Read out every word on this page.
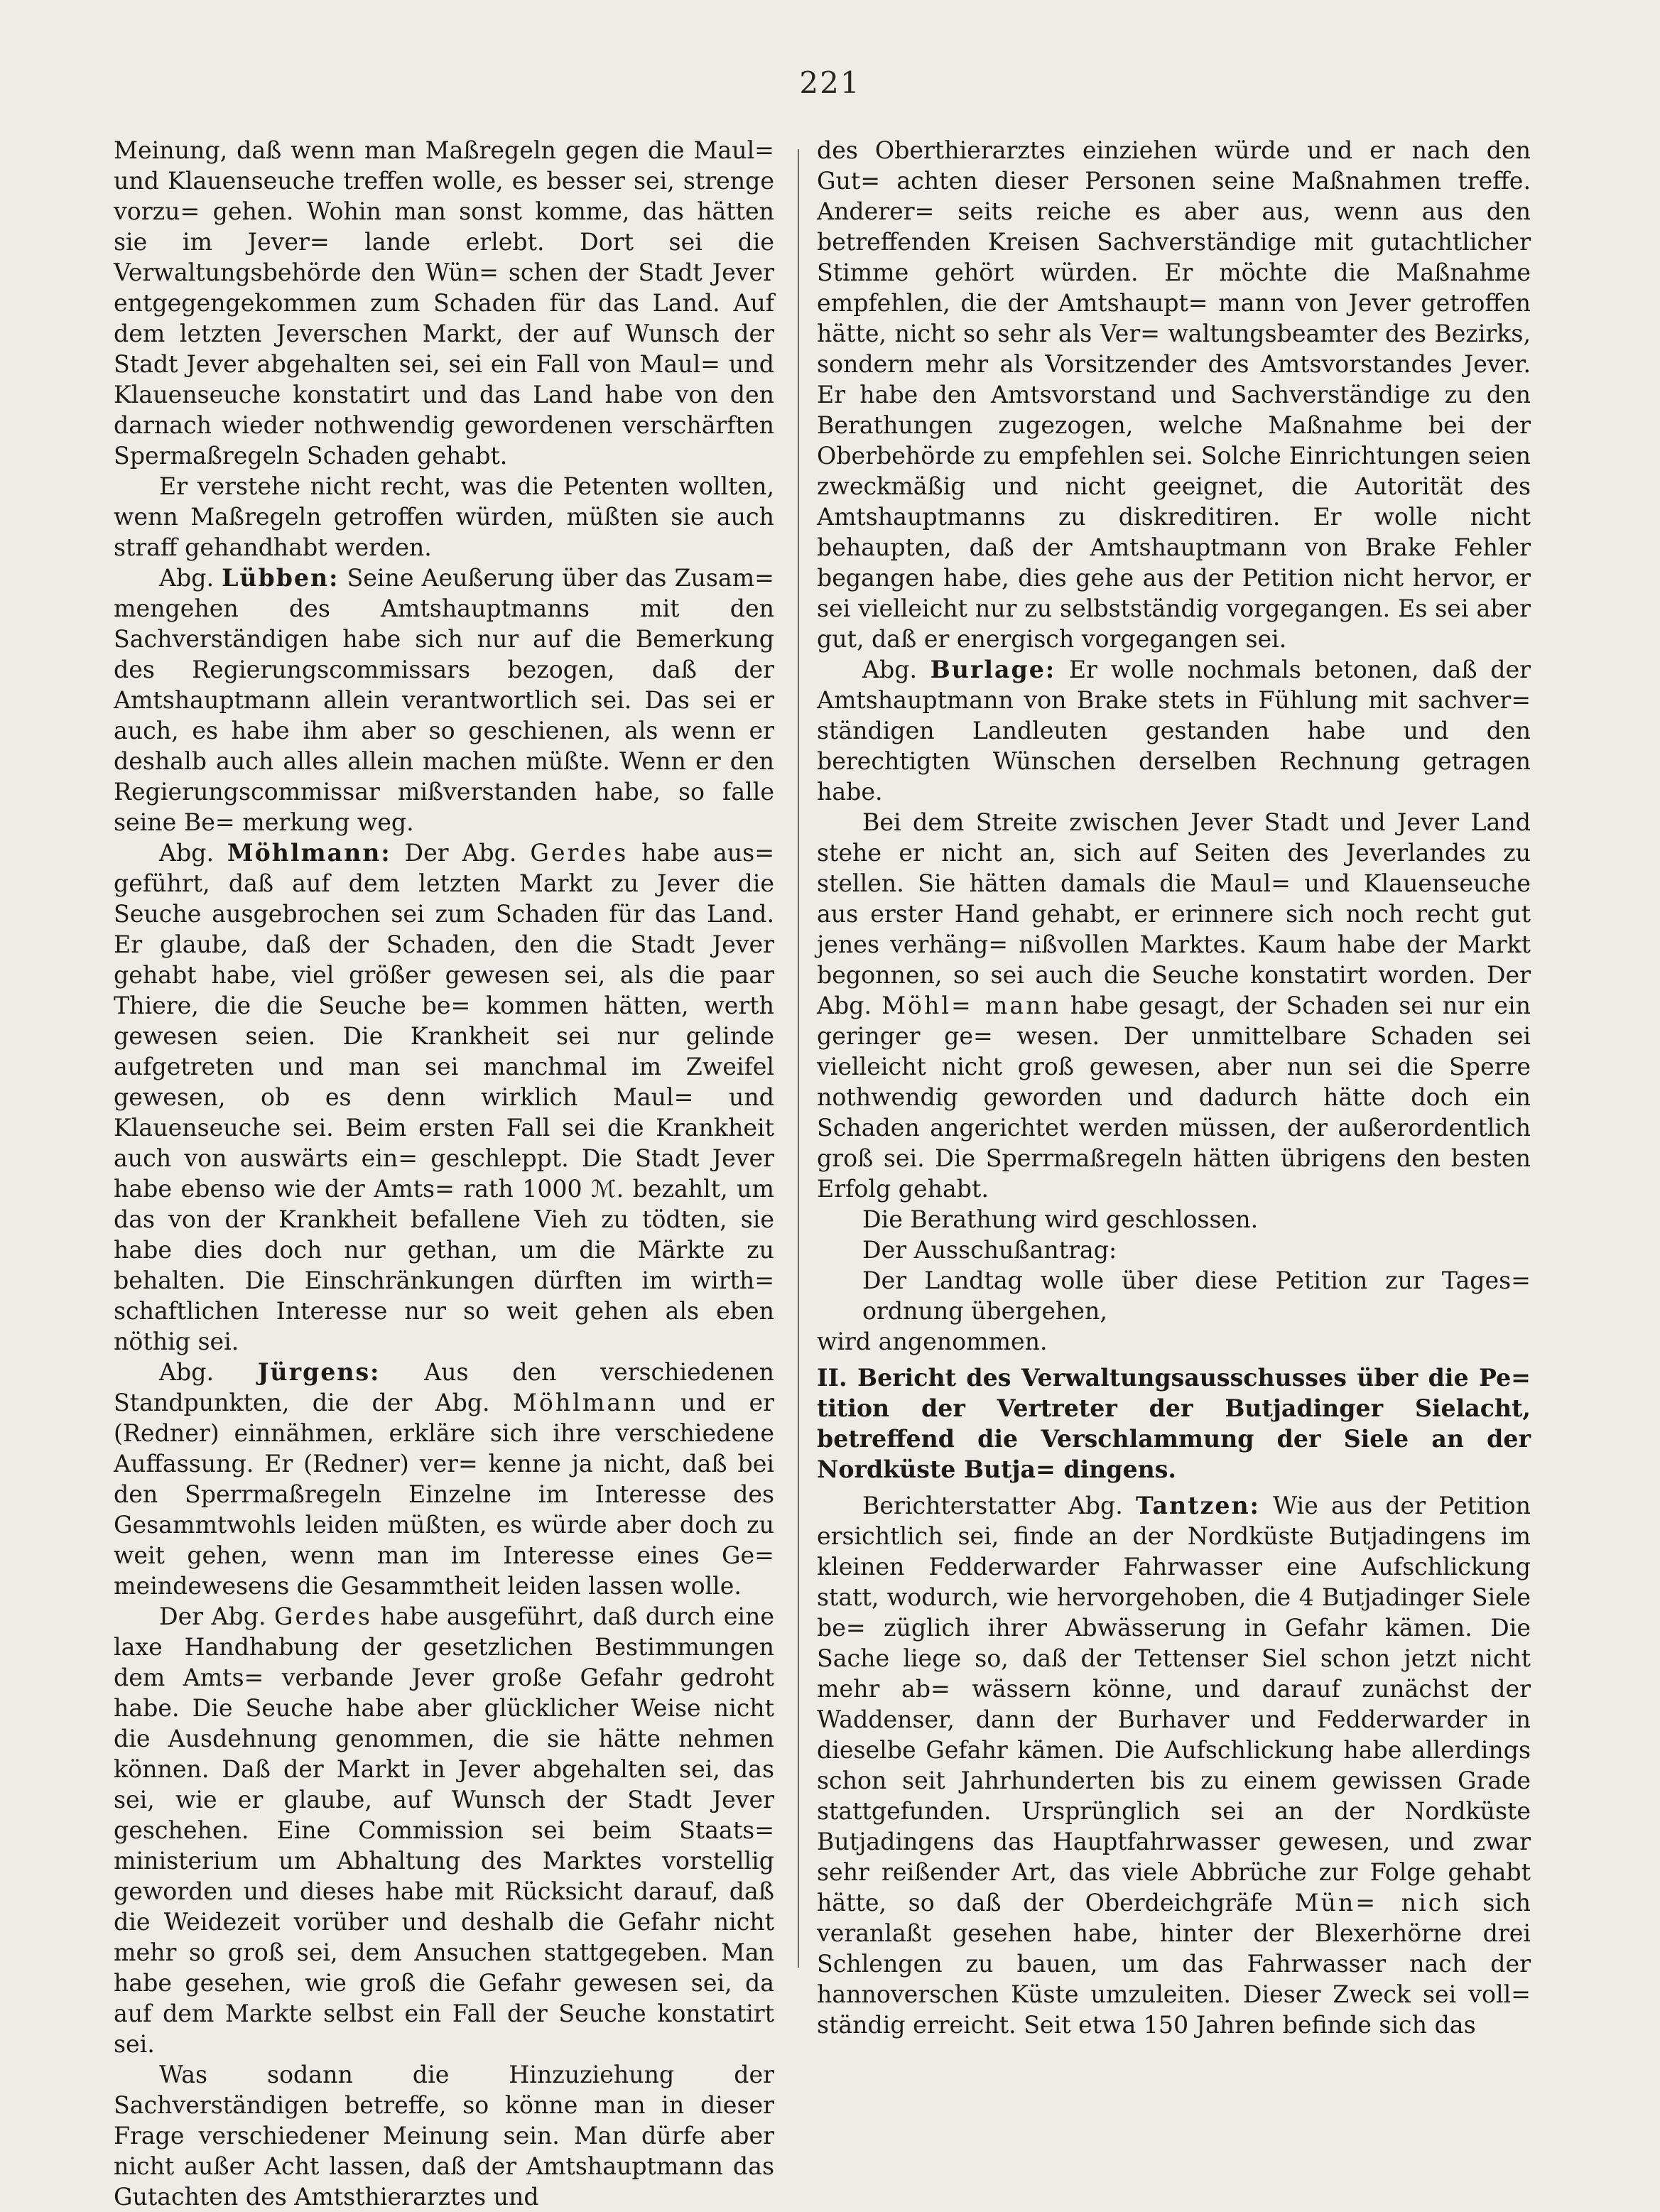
221

Meinung, daß wenn man Maßregeln gegen die Maul= und Klauenseuche treffen wolle, es besser sei, strenge vorzu= gehen. Wohin man sonst komme, das hätten sie im Jever= lande erlebt. Dort sei die Verwaltungsbehörde den Wün= schen der Stadt Jever entgegengekommen zum Schaden für das Land. Auf dem letzten Jeverschen Markt, der auf Wunsch der Stadt Jever abgehalten sei, sei ein Fall von Maul= und Klauenseuche konstatirt und das Land habe von den darnach wieder nothwendig gewordenen verschärften Spermaßregeln Schaden gehabt.

Er verstehe nicht recht, was die Petenten wollten, wenn Maßregeln getroffen würden, müßten sie auch straff gehandhabt werden.

Abg. Lübben: Seine Aeußerung über das Zusam= mengehen des Amtshauptmanns mit den Sachverständigen habe sich nur auf die Bemerkung des Regierungscommissars bezogen, daß der Amtshauptmann allein verantwortlich sei. Das sei er auch, es habe ihm aber so geschienen, als wenn er deshalb auch alles allein machen müßte. Wenn er den Regierungscommissar mißverstanden habe, so falle seine Be= merkung weg.

Abg. Möhlmann: Der Abg. Gerdes habe aus= geführt, daß auf dem letzten Markt zu Jever die Seuche ausgebrochen sei zum Schaden für das Land. Er glaube, daß der Schaden, den die Stadt Jever gehabt habe, viel größer gewesen sei, als die paar Thiere, die die Seuche be= kommen hätten, werth gewesen seien. Die Krankheit sei nur gelinde aufgetreten und man sei manchmal im Zweifel gewesen, ob es denn wirklich Maul= und Klauenseuche sei. Beim ersten Fall sei die Krankheit auch von auswärts ein= geschleppt. Die Stadt Jever habe ebenso wie der Amts= rath 1000 ℳ. bezahlt, um das von der Krankheit befallene Vieh zu tödten, sie habe dies doch nur gethan, um die Märkte zu behalten. Die Einschränkungen dürften im wirth= schaftlichen Interesse nur so weit gehen als eben nöthig sei.

Abg. Jürgens: Aus den verschiedenen Standpunkten, die der Abg. Möhlmann und er (Redner) einnähmen, erkläre sich ihre verschiedene Auffassung. Er (Redner) ver= kenne ja nicht, daß bei den Sperrmaßregeln Einzelne im Interesse des Gesammtwohls leiden müßten, es würde aber doch zu weit gehen, wenn man im Interesse eines Ge= meindewesens die Gesammtheit leiden lassen wolle.

Der Abg. Gerdes habe ausgeführt, daß durch eine laxe Handhabung der gesetzlichen Bestimmungen dem Amts= verbande Jever große Gefahr gedroht habe. Die Seuche habe aber glücklicher Weise nicht die Ausdehnung genommen, die sie hätte nehmen können. Daß der Markt in Jever abgehalten sei, das sei, wie er glaube, auf Wunsch der Stadt Jever geschehen. Eine Commission sei beim Staats= ministerium um Abhaltung des Marktes vorstellig geworden und dieses habe mit Rücksicht darauf, daß die Weidezeit vorüber und deshalb die Gefahr nicht mehr so groß sei, dem Ansuchen stattgegeben. Man habe gesehen, wie groß die Gefahr gewesen sei, da auf dem Markte selbst ein Fall der Seuche konstatirt sei.

Was sodann die Hinzuziehung der Sachverständigen betreffe, so könne man in dieser Frage verschiedener Meinung sein. Man dürfe aber nicht außer Acht lassen, daß der Amtshauptmann das Gutachten des Amtsthierarztes und

des Oberthierarztes einziehen würde und er nach den Gut= achten dieser Personen seine Maßnahmen treffe. Anderer= seits reiche es aber aus, wenn aus den betreffenden Kreisen Sachverständige mit gutachtlicher Stimme gehört würden. Er möchte die Maßnahme empfehlen, die der Amtshaupt= mann von Jever getroffen hätte, nicht so sehr als Ver= waltungsbeamter des Bezirks, sondern mehr als Vorsitzender des Amtsvorstandes Jever. Er habe den Amtsvorstand und Sachverständige zu den Berathungen zugezogen, welche Maßnahme bei der Oberbehörde zu empfehlen sei. Solche Einrichtungen seien zweckmäßig und nicht geeignet, die Autorität des Amtshauptmanns zu diskreditiren. Er wolle nicht behaupten, daß der Amtshauptmann von Brake Fehler begangen habe, dies gehe aus der Petition nicht hervor, er sei vielleicht nur zu selbstständig vorgegangen. Es sei aber gut, daß er energisch vorgegangen sei.

Abg. Burlage: Er wolle nochmals betonen, daß der Amtshauptmann von Brake stets in Fühlung mit sachver= ständigen Landleuten gestanden habe und den berechtigten Wünschen derselben Rechnung getragen habe.

Bei dem Streite zwischen Jever Stadt und Jever Land stehe er nicht an, sich auf Seiten des Jeverlandes zu stellen. Sie hätten damals die Maul= und Klauenseuche aus erster Hand gehabt, er erinnere sich noch recht gut jenes verhäng= nißvollen Marktes. Kaum habe der Markt begonnen, so sei auch die Seuche konstatirt worden. Der Abg. Möhl= mann habe gesagt, der Schaden sei nur ein geringer ge= wesen. Der unmittelbare Schaden sei vielleicht nicht groß gewesen, aber nun sei die Sperre nothwendig geworden und dadurch hätte doch ein Schaden angerichtet werden müssen, der außerordentlich groß sei. Die Sperrmaßregeln hätten übrigens den besten Erfolg gehabt.

Die Berathung wird geschlossen.

Der Ausschußantrag:

Der Landtag wolle über diese Petition zur Tages= ordnung übergehen,

wird angenommen.

II. Bericht des Verwaltungsausschusses über die Pe= tition der Vertreter der Butjadinger Sielacht, betreffend die Verschlammung der Siele an der Nordküste Butja= dingens.

Berichterstatter Abg. Tantzen: Wie aus der Petition ersichtlich sei, finde an der Nordküste Butjadingens im kleinen Fedderwarder Fahrwasser eine Aufschlickung statt, wodurch, wie hervorgehoben, die 4 Butjadinger Siele be= züglich ihrer Abwässerung in Gefahr kämen. Die Sache liege so, daß der Tettenser Siel schon jetzt nicht mehr ab= wässern könne, und darauf zunächst der Waddenser, dann der Burhaver und Fedderwarder in dieselbe Gefahr kämen. Die Aufschlickung habe allerdings schon seit Jahrhunderten bis zu einem gewissen Grade stattgefunden. Ursprünglich sei an der Nordküste Butjadingens das Hauptfahrwasser gewesen, und zwar sehr reißender Art, das viele Abbrüche zur Folge gehabt hätte, so daß der Oberdeichgräfe Mün= nich sich veranlaßt gesehen habe, hinter der Blexerhörne drei Schlengen zu bauen, um das Fahrwasser nach der hannoverschen Küste umzuleiten. Dieser Zweck sei voll= ständig erreicht. Seit etwa 150 Jahren befinde sich das
